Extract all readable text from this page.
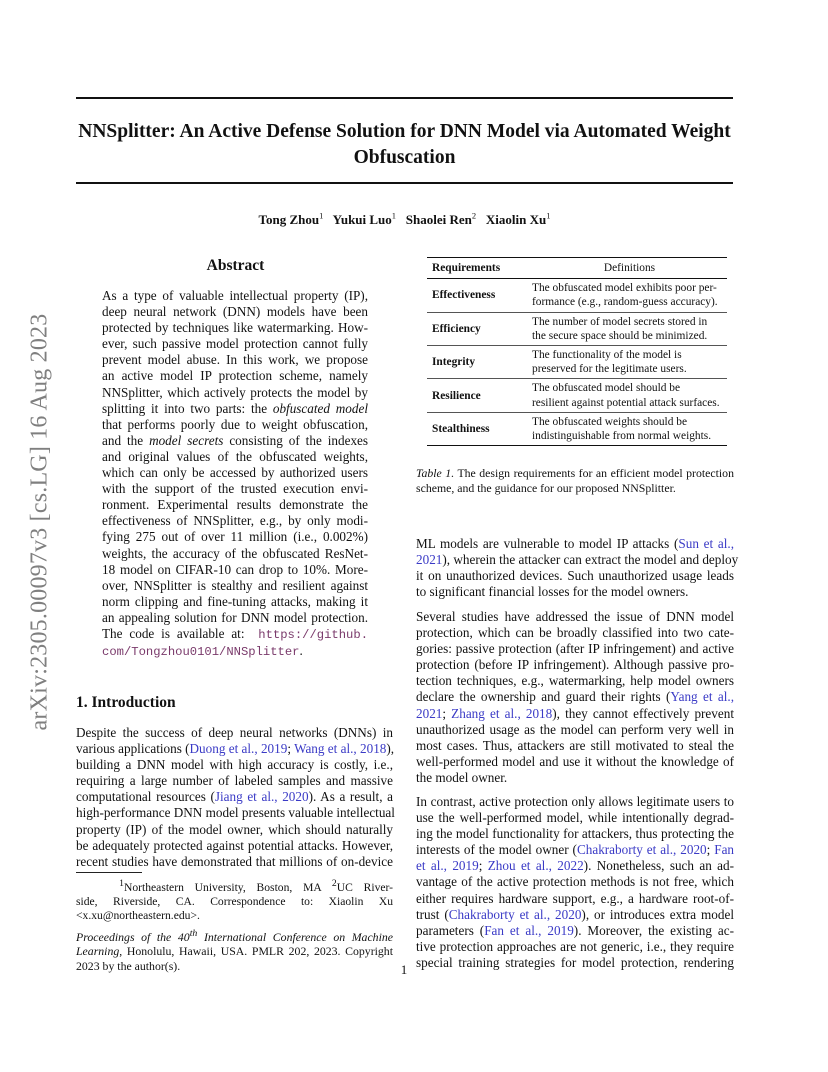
arXiv:2305.00097v3 [cs.LG] 16 Aug 2023
NNSplitter: An Active Defense Solution for DNN Model via Automated Weight
Obfuscation
Tong Zhou$^1$ Yukui Luo$^1$ Shaolei Ren$^2$ Xiaolin Xu$^1$
Abstract
As a type of valuable intellectual property (IP),
deep neural network (DNN) models have been
protected by techniques like watermarking. How-
ever, such passive model protection cannot fully
prevent model abuse. In this work, we propose
an active model IP protection scheme, namely
NNSplitter, which actively protects the model by
splitting it into two parts: the obfuscated model
that performs poorly due to weight obfuscation,
and the model secrets consisting of the indexes
and original values of the obfuscated weights,
which can only be accessed by authorized users
with the support of the trusted execution envi-
ronment. Experimental results demonstrate the
effectiveness of NNSplitter, e.g., by only modi-
fying 275 out of over 11 million (i.e., 0.002%)
weights, the accuracy of the obfuscated ResNet-
18 model on CIFAR-10 can drop to 10%. More-
over, NNSplitter is stealthy and resilient against
norm clipping and fine-tuning attacks, making it
an appealing solution for DNN model protection.
The code is available at: https://github.
com/Tongzhou0101/NNSplitter.
1. Introduction
Despite the success of deep neural networks (DNNs) in
various applications (Duong et al., 2019; Wang et al., 2018),
building a DNN model with high accuracy is costly, i.e.,
requiring a large number of labeled samples and massive
computational resources (Jiang et al., 2020). As a result, a
high-performance DNN model presents valuable intellectual
property (IP) of the model owner, which should naturally
be adequately protected against potential attacks. However,
recent studies have demonstrated that millions of on-device
$^1$Northeastern University, Boston, MA $^2$UC River-
side, Riverside, CA. Correspondence to: Xiaolin Xu
<x.xu@northeastern.edu>.
Proceedings of the 40th International Conference on Machine
Learning, Honolulu, Hawaii, USA. PMLR 202, 2023. Copyright
2023 by the author(s).
Requirements	Definitions
Effectiveness	The obfuscated model exhibits poor per-
formance (e.g., random-guess accuracy).

Efficiency	The number of model secrets stored in
the secure space should be minimized.

Integrity	The functionality of the model is
preserved for the legitimate users.

Resilience	The obfuscated model should be
resilient against potential attack surfaces.

Stealthiness	The obfuscated weights should be
indistinguishable from normal weights.
Table 1. The design requirements for an efficient model protection
scheme, and the guidance for our proposed NNSplitter.
ML models are vulnerable to model IP attacks (Sun et al.,
2021), wherein the attacker can extract the model and deploy
it on unauthorized devices. Such unauthorized usage leads
to significant financial losses for the model owners.
Several studies have addressed the issue of DNN model
protection, which can be broadly classified into two cate-
gories: passive protection (after IP infringement) and active
protection (before IP infringement). Although passive pro-
tection techniques, e.g., watermarking, help model owners
declare the ownership and guard their rights (Yang et al.,
2021; Zhang et al., 2018), they cannot effectively prevent
unauthorized usage as the model can perform very well in
most cases. Thus, attackers are still motivated to steal the
well-performed model and use it without the knowledge of
the model owner.
In contrast, active protection only allows legitimate users to
use the well-performed model, while intentionally degrad-
ing the model functionality for attackers, thus protecting the
interests of the model owner (Chakraborty et al., 2020; Fan
et al., 2019; Zhou et al., 2022). Nonetheless, such an ad-
vantage of the active protection methods is not free, which
either requires hardware support, e.g., a hardware root-of-
trust (Chakraborty et al., 2020), or introduces extra model
parameters (Fan et al., 2019). Moreover, the existing ac-
tive protection approaches are not generic, i.e., they require
special training strategies for model protection, rendering
1
